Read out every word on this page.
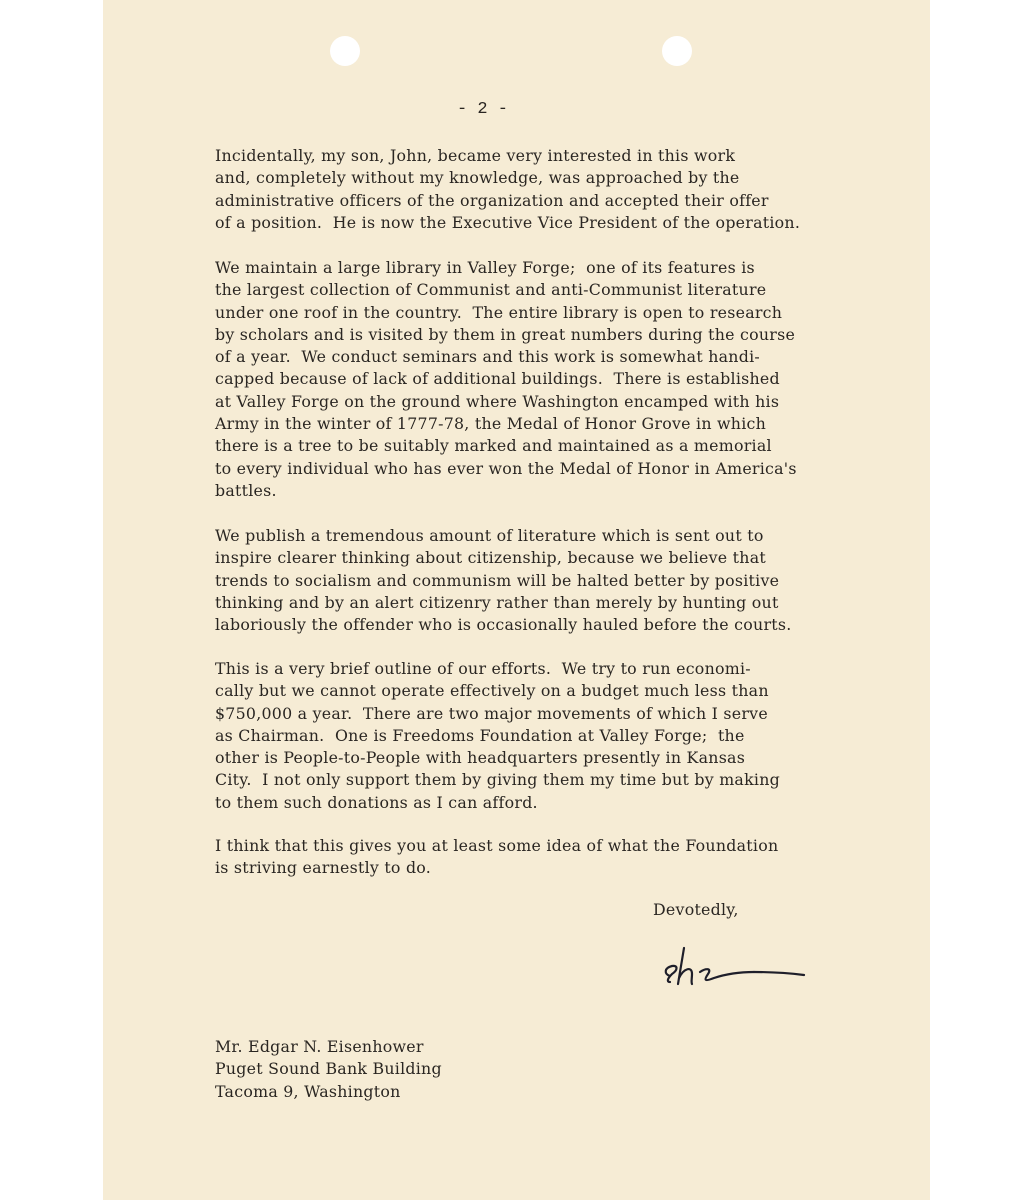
- 2 -
Incidentally, my son, John, became very interested in this work
and, completely without my knowledge, was approached by the
administrative officers of the organization and accepted their offer
of a position.  He is now the Executive Vice President of the operation.
We maintain a large library in Valley Forge;  one of its features is
the largest collection of Communist and anti-Communist literature
under one roof in the country.  The entire library is open to research
by scholars and is visited by them in great numbers during the course
of a year.  We conduct seminars and this work is somewhat handi-
capped because of lack of additional buildings.  There is established
at Valley Forge on the ground where Washington encamped with his
Army in the winter of 1777-78, the Medal of Honor Grove in which
there is a tree to be suitably marked and maintained as a memorial
to every individual who has ever won the Medal of Honor in America's
battles.
We publish a tremendous amount of literature which is sent out to
inspire clearer thinking about citizenship, because we believe that
trends to socialism and communism will be halted better by positive
thinking and by an alert citizenry rather than merely by hunting out
laboriously the offender who is occasionally hauled before the courts.
This is a very brief outline of our efforts.  We try to run economi-
cally but we cannot operate effectively on a budget much less than
$750,000 a year.  There are two major movements of which I serve
as Chairman.  One is Freedoms Foundation at Valley Forge;  the
other is People-to-People with headquarters presently in Kansas
City.  I not only support them by giving them my time but by making
to them such donations as I can afford.
I think that this gives you at least some idea of what the Foundation
is striving earnestly to do.
Devotedly,
Mr. Edgar N. Eisenhower
Puget Sound Bank Building
Tacoma 9, Washington
